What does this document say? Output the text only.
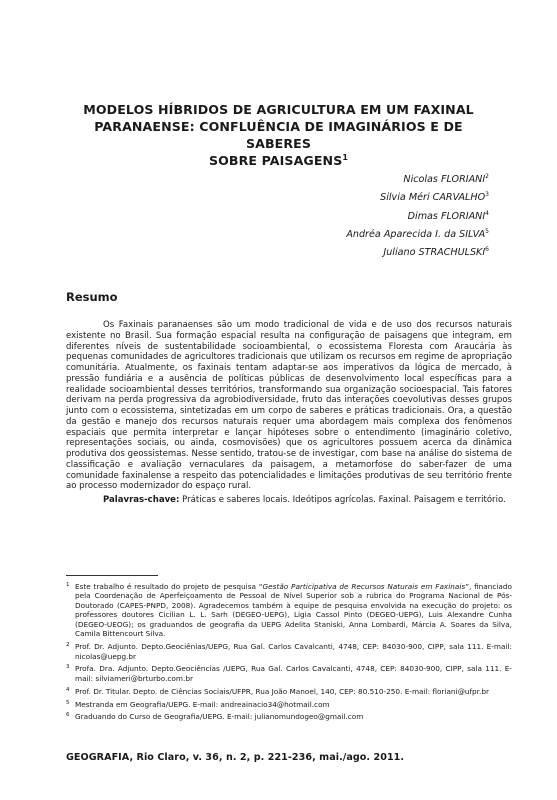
MODELOS HÍBRIDOS DE AGRICULTURA EM UM FAXINAL
PARANAENSE: CONFLUÊNCIA DE IMAGINÁRIOS E DE SABERES
SOBRE PAISAGENS$^1$
Nicolas FLORIANI$^2$
Silvia Méri CARVALHO$^3$
Dimas FLORIANI$^4$
Andréa Aparecida I. da SILVA$^5$
Juliano STRACHULSKI$^6$
Resumo

Os Faxinais paranaenses são um modo tradicional de vida e de uso dos recursos naturais existente no Brasil. Sua formação espacial resulta na configuração de paisagens que integram, em diferentes níveis de sustentabilidade socioambiental, o ecossistema Floresta com Araucária às pequenas comunidades de agricultores tradicionais que utilizam os recursos em regime de apropriação comunitária. Atualmente, os faxinais tentam adaptar-se aos imperativos da lógica de mercado, à pressão fundiária e a ausência de políticas públicas de desenvolvimento local específicas para a realidade socioambiental desses territórios, transformando sua organização socioespacial. Tais fatores derivam na perda progressiva da agrobiodiversidade, fruto das interações coevolutivas desses grupos junto com o ecossistema, sintetizadas em um corpo de saberes e práticas tradicionais. Ora, a questão da gestão e manejo dos recursos naturais requer uma abordagem mais complexa dos fenômenos espaciais que permita interpretar e lançar hipóteses sobre o entendimento (imaginário coletivo, representações sociais, ou ainda, cosmovisões) que os agricultores possuem acerca da dinâmica produtiva dos geossistemas. Nesse sentido, tratou-se de investigar, com base na análise do sistema de classificação e avaliação vernaculares da paisagem, a metamorfose do saber-fazer de uma comunidade faxinalense a respeito das potencialidades e limitações produtivas de seu território frente ao processo modernizador do espaço rural.

Palavras-chave: Práticas e saberes locais. Ideótipos agrícolas. Faxinal. Paisagem e território.

1 Este trabalho é resultado do projeto de pesquisa “Gestão Participativa de Recursos Naturais em Faxinais”, financiado pela Coordenação de Aperfeiçoamento de Pessoal de Nível Superior sob a rubrica do Programa Nacional de Pós-Doutorado (CAPES-PNPD, 2008). Agradecemos também à equipe de pesquisa envolvida na execução do projeto: os professores doutores Cicilian L. L. Sarh (DEGEO-UEPG), Ligia Cassol Pinto (DEGEO-UEPG), Luis Alexandre Cunha (DEGEO-UEOG); os graduandos de geografia da UEPG Adelita Staniski, Anna Lombardi, Márcia A. Soares da Silva, Camila Bittencourt Silva.
2 Prof. Dr. Adjunto. Depto.Geociênias/UEPG, Rua Gal. Carlos Cavalcanti, 4748, CEP: 84030-900, CIPP, sala 111. E-mail: nicolas@uepg.br
3 Profa. Dra. Adjunto. Depto.Geociências /UEPG, Rua Gal. Carlos Cavalcanti, 4748, CEP: 84030-900, CIPP, sala 111. E-mail: silviameri@brturbo.com.br
4 Prof. Dr. Titular. Depto. de Ciências Sociais/UFPR, Rua João Manoel, 140, CEP: 80.510-250. E-mail: floriani@ufpr.br
5 Mestranda em Geografia/UEPG. E-mail: andreainacio34@hotmail.com
6 Graduando do Curso de Geografia/UEPG. E-mail: julianomundogeo@gmail.com
GEOGRAFIA, Rio Claro, v. 36, n. 2, p. 221-236, mai./ago. 2011.
